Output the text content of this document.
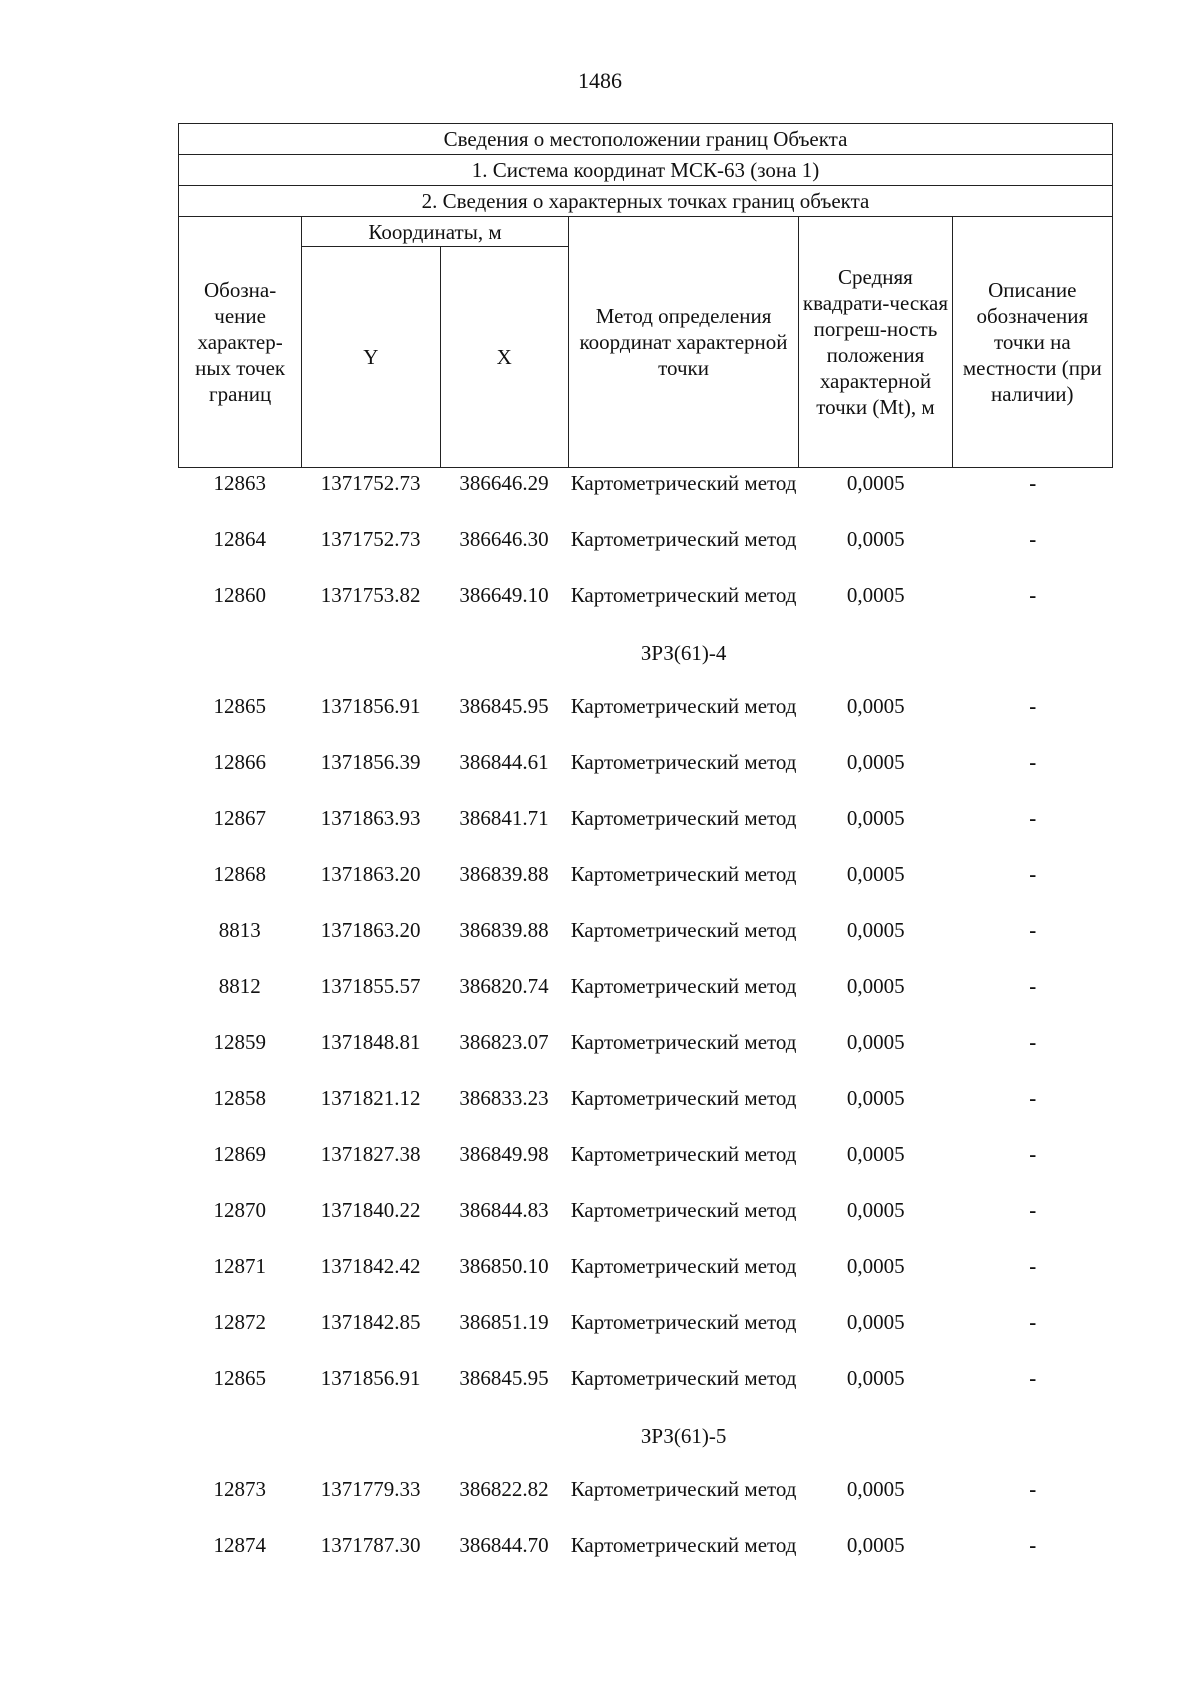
1486
Сведения о местоположении границ Объекта					
1. Система координат МСК-63 (зона 1)					
2. Сведения о характерных точках границ объекта					
Обозна-чение характер-ных точек границ	Координаты, м		Метод определения координат характерной точки	Средняя квадрати-ческая погреш-ность положения характерной точки (Mt), м	Описание обозначения точки на местности (при наличии)
	Y	X			
12863	1371752.73	386646.29	Картометрический метод	0,0005	-
12864	1371752.73	386646.30	Картометрический метод	0,0005	-
12860	1371753.82	386649.10	Картометрический метод	0,0005	-
			ЗРЗ(61)-4		
12865	1371856.91	386845.95	Картометрический метод	0,0005	-
12866	1371856.39	386844.61	Картометрический метод	0,0005	-
12867	1371863.93	386841.71	Картометрический метод	0,0005	-
12868	1371863.20	386839.88	Картометрический метод	0,0005	-
8813	1371863.20	386839.88	Картометрический метод	0,0005	-
8812	1371855.57	386820.74	Картометрический метод	0,0005	-
12859	1371848.81	386823.07	Картометрический метод	0,0005	-
12858	1371821.12	386833.23	Картометрический метод	0,0005	-
12869	1371827.38	386849.98	Картометрический метод	0,0005	-
12870	1371840.22	386844.83	Картометрический метод	0,0005	-
12871	1371842.42	386850.10	Картометрический метод	0,0005	-
12872	1371842.85	386851.19	Картометрический метод	0,0005	-
12865	1371856.91	386845.95	Картометрический метод	0,0005	-
			ЗРЗ(61)-5		
12873	1371779.33	386822.82	Картометрический метод	0,0005	-
12874	1371787.30	386844.70	Картометрический метод	0,0005	-
